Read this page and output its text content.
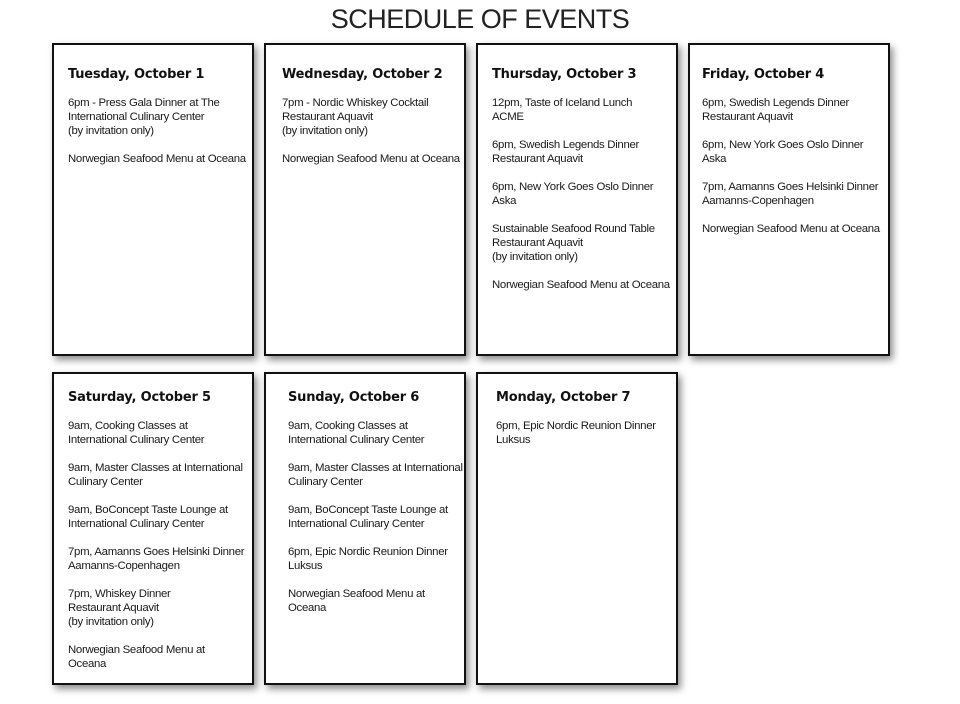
SCHEDULE OF EVENTS
Tuesday, October 1
6pm - Press Gala Dinner at The
International Culinary Center
(by invitation only)
Norwegian Seafood Menu at Oceana
Wednesday, October 2
7pm - Nordic Whiskey Cocktail
Restaurant Aquavit
(by invitation only)
Norwegian Seafood Menu at Oceana
Thursday, October 3
12pm, Taste of Iceland Lunch
ACME
6pm, Swedish Legends Dinner
Restaurant Aquavit
6pm, New York Goes Oslo Dinner
Aska
Sustainable Seafood Round Table
Restaurant Aquavit
(by invitation only)
Norwegian Seafood Menu at Oceana
Friday, October 4
6pm, Swedish Legends Dinner
Restaurant Aquavit
6pm, New York Goes Oslo Dinner
Aska
7pm, Aamanns Goes Helsinki Dinner
Aamanns-Copenhagen
Norwegian Seafood Menu at Oceana
Saturday, October 5
9am, Cooking Classes at
International Culinary Center
9am, Master Classes at International
Culinary Center
9am, BoConcept Taste Lounge at
International Culinary Center
7pm, Aamanns Goes Helsinki Dinner
Aamanns-Copenhagen
7pm, Whiskey Dinner
Restaurant Aquavit
(by invitation only)
Norwegian Seafood Menu at
Oceana
Sunday, October 6
9am, Cooking Classes at
International Culinary Center
9am, Master Classes at International
Culinary Center
9am, BoConcept Taste Lounge at
International Culinary Center
6pm, Epic Nordic Reunion Dinner
Luksus
Norwegian Seafood Menu at
Oceana
Monday, October 7
6pm, Epic Nordic Reunion Dinner
Luksus
